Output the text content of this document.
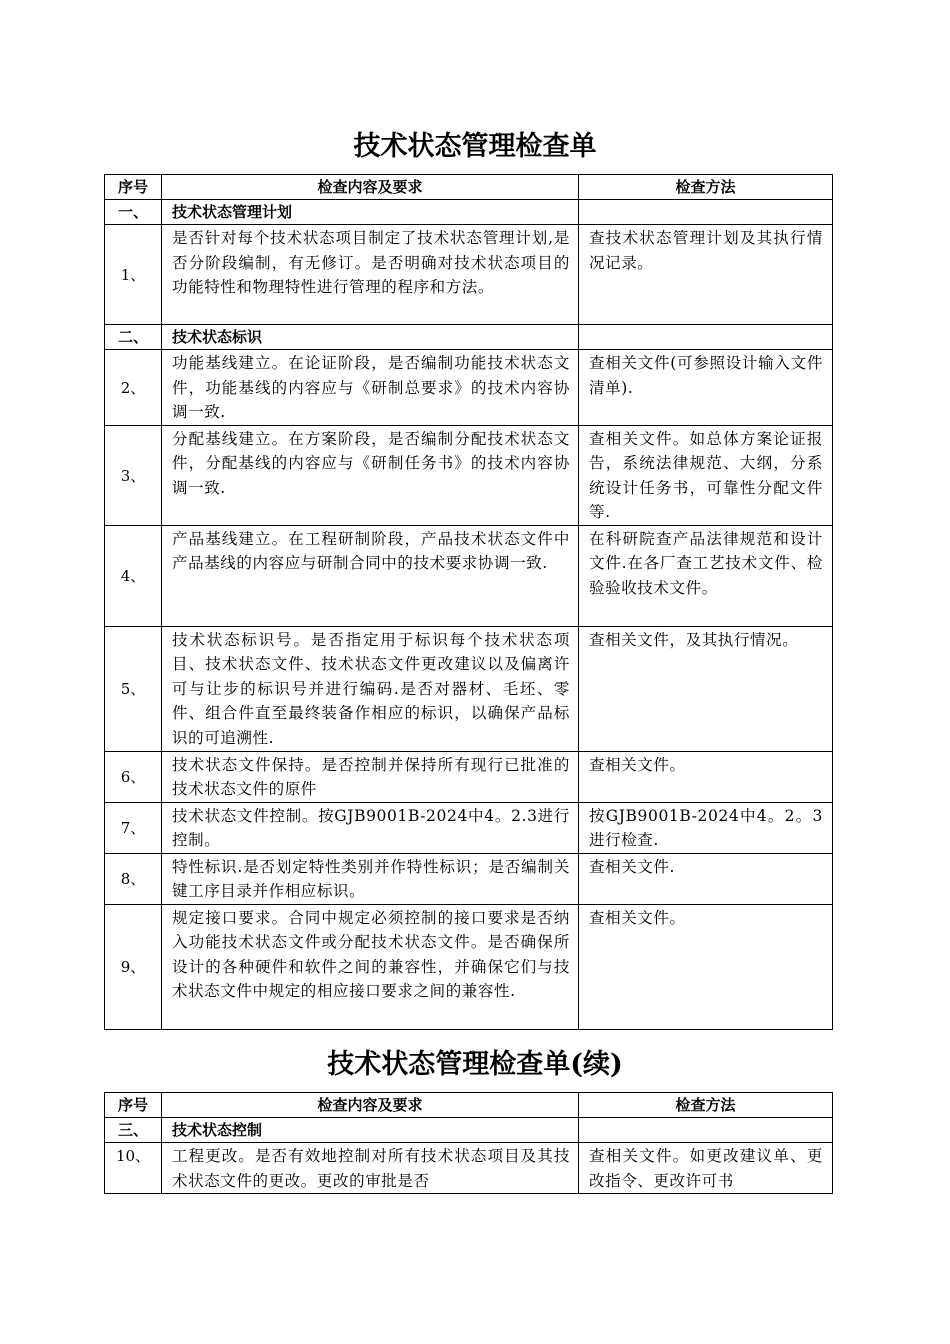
技术状态管理检查单
序号	检查内容及要求	检查方法
一、	技术状态管理计划	
1、	是否针对每个技术状态项目制定了技术状态管理计划,是否分阶段编制，有无修订。是否明确对技术状态项目的功能特性和物理特性进行管理的程序和方法。	查技术状态管理计划及其执行情况记录。
二、	技术状态标识	
2、	功能基线建立。在论证阶段，是否编制功能技术状态文件，功能基线的内容应与《研制总要求》的技术内容协调一致.	查相关文件(可参照设计输入文件清单).
3、	分配基线建立。在方案阶段，是否编制分配技术状态文件，分配基线的内容应与《研制任务书》的技术内容协调一致.	查相关文件。如总体方案论证报告，系统法律规范、大纲，分系统设计任务书，可靠性分配文件等.
4、	产品基线建立。在工程研制阶段，产品技术状态文件中产品基线的内容应与研制合同中的技术要求协调一致.	在科研院查产品法律规范和设计文件.在各厂查工艺技术文件、检验验收技术文件。
5、	技术状态标识号。是否指定用于标识每个技术状态项目、技术状态文件、技术状态文件更改建议以及偏离许可与让步的标识号并进行编码.是否对器材、毛坯、零件、组合件直至最终装备作相应的标识，以确保产品标识的可追溯性.	查相关文件，及其执行情况。
6、	技术状态文件保持。是否控制并保持所有现行已批准的技术状态文件的原件	查相关文件。
7、	技术状态文件控制。按GJB9001B-2024中4。2.3进行控制。	按GJB9001B-2024中4。2。3进行检查.
8、	特性标识.是否划定特性类别并作特性标识；是否编制关键工序目录并作相应标识。	查相关文件.
9、	规定接口要求。合同中规定必须控制的接口要求是否纳入功能技术状态文件或分配技术状态文件。是否确保所设计的各种硬件和软件之间的兼容性，并确保它们与技术状态文件中规定的相应接口要求之间的兼容性.	查相关文件。
技术状态管理检查单(续)
序号	检查内容及要求	检查方法
三、	技术状态控制	
10、	工程更改。是否有效地控制对所有技术状态项目及其技术状态文件的更改。更改的审批是否	查相关文件。如更改建议单、更改指令、更改许可书
